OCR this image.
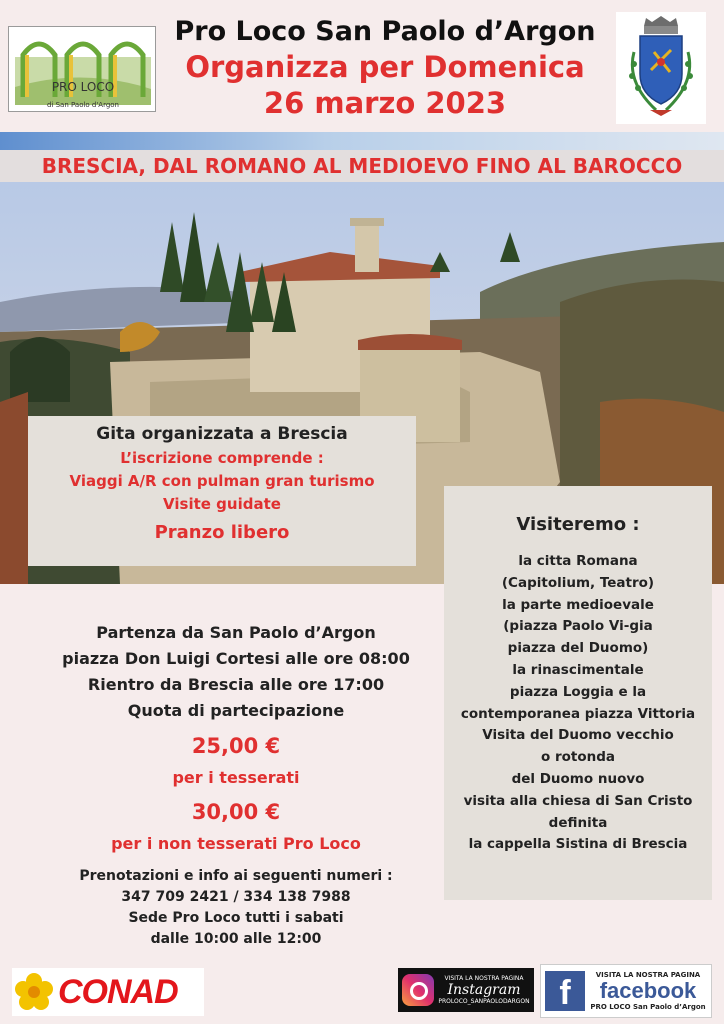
PRO LOCO
di San Paolo d'Argon
Pro Loco San Paolo d’Argon
Organizza per Domenica
26 marzo 2023
BRESCIA, DAL ROMANO AL MEDIOEVO FINO AL BAROCCO
Gita organizzata a Brescia
L’iscrizione comprende :
Viaggi A/R con pulman gran turismo
Visite guidate
Pranzo libero	Visiteremo :
la citta Romana
(Capitolium, Teatro)
la parte medioevale
(piazza Paolo Vi-gia
piazza del Duomo)
la rinascimentale
piazza Loggia e la
contemporanea piazza Vittoria
Visita del Duomo vecchio
o rotonda
del Duomo nuovo
visita alla chiesa di San Cristo
definita
la cappella Sistina di Brescia
Partenza da San Paolo d’Argon
piazza Don Luigi Cortesi alle ore 08:00
Rientro da Brescia alle ore 17:00
Quota di partecipazione
25,00 €
per i tesserati
30,00 €
per i non tesserati Pro Loco
Prenotazioni e info ai seguenti numeri :
347 709 2421 / 334 138 7988
Sede Pro Loco tutti i sabati
dalle 10:00 alle 12:00
CONAD	VISITA LA NOSTRA PAGINA
Instagram
PROLOCO_SANPAOLODARGON f	VISITA LA NOSTRA PAGINA
facebook
PRO LOCO San Paolo d’Argon
